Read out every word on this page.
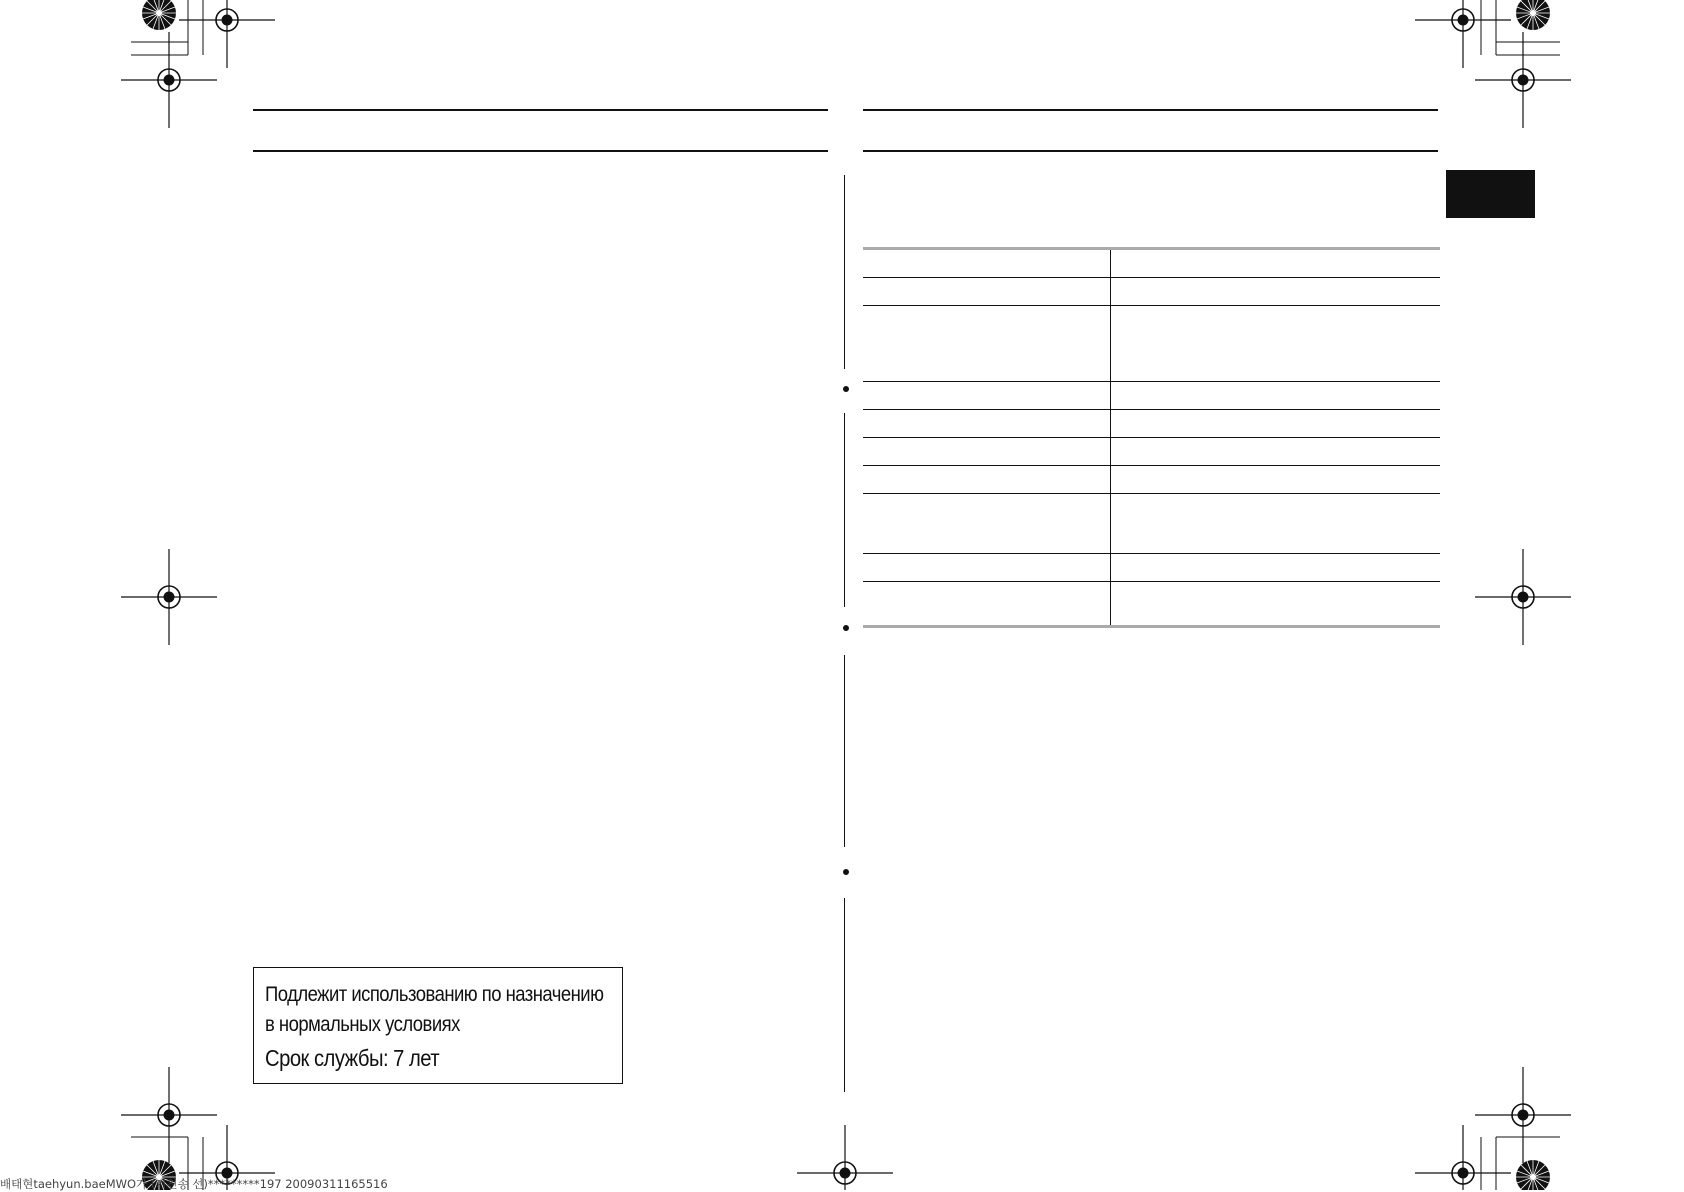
Подлежит использованию по назначению
в нормальных условиях
Срок службы: 7 лет
배태현taehyun.baeMWO가 (키친송 선)*********197 20090311165516
